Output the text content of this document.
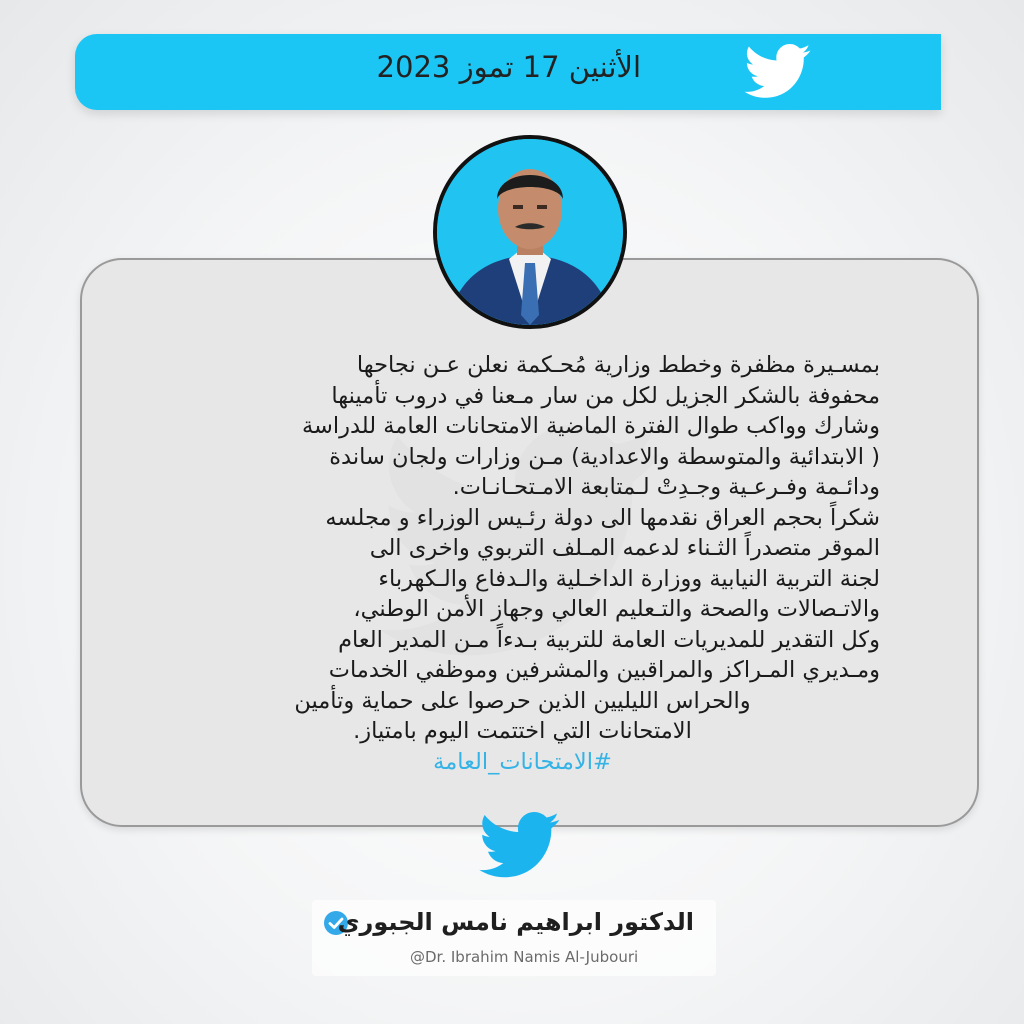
الأثنين 17 تموز 2023
بمسـيرة مظفرة وخطط وزارية مُحـكمة نعلن عـن نجاحها
محفوفة بالشكر الجزيل لكل من سار مـعنا في دروب تأمينها
وشارك وواكب طوال الفترة الماضية الامتحانات العامة للدراسة
( الابتدائية والمتوسطة والاعدادية) مـن وزارات ولجان ساندة
ودائـمة وفـرعـية وجـدِتْ لـمتابعة الامـتحـانـات.
شكراً بحجم العراق نقدمها الى دولة رئـيس الوزراء و مجلسه
الموقر متصدراً الثـناء لدعمه المـلف التربوي واخرى الى
لجنة التربية النيابية ووزارة الداخـلية والـدفاع والـكهرباء
والاتـصالات والصحة والتـعليم العالي وجهاز الأمن الوطني،
وكل التقدير للمديريات العامة للتربية بـدءاً مـن المدير العام
ومـديري المـراكز والمراقبين والمشرفين وموظفي الخدمات
والحراس الليليين الذين حرصوا على حماية وتأمين
الامتحانات التي اختتمت اليوم بامتياز.
#الامتحانات_العامة
الدكتور ابراهيم نامس الجبوري
@Dr. Ibrahim Namis Al-Jubouri
